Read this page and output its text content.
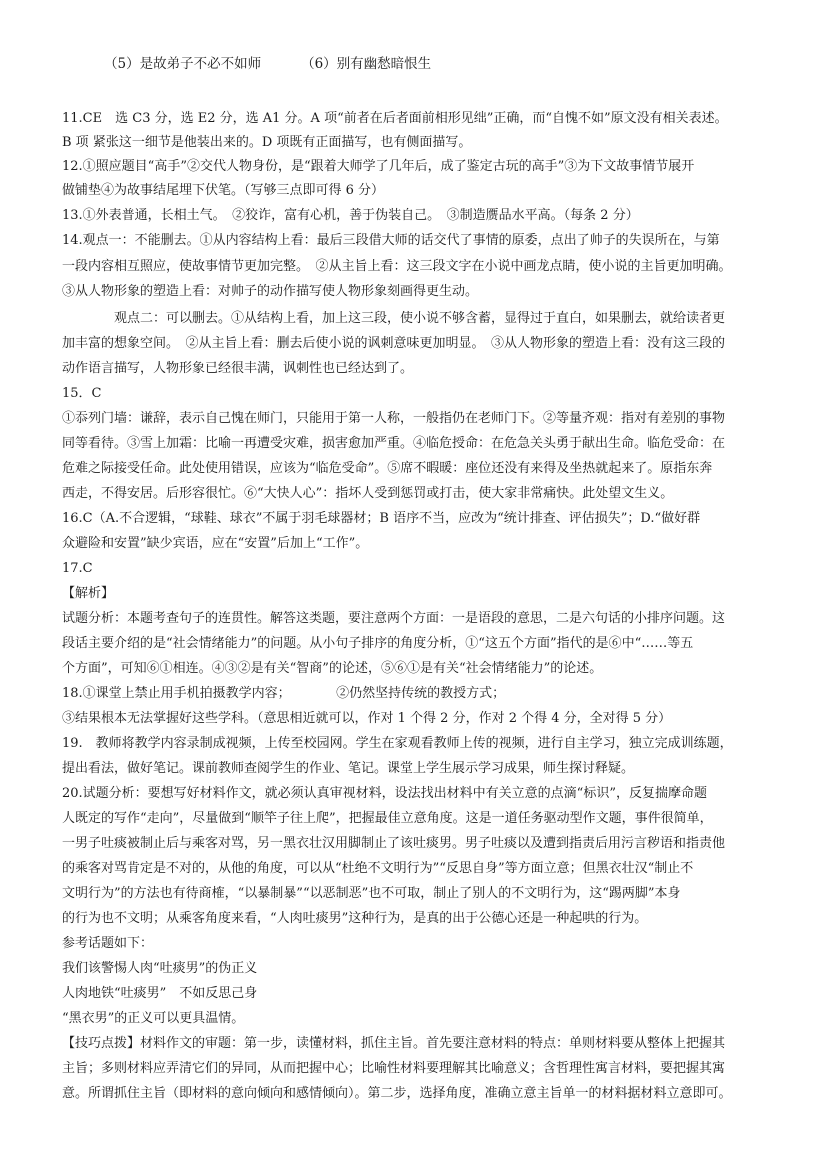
（5）是故弟子不必不如师	（6）别有幽愁暗恨生
11.CE　选 C3 分，选 E2 分，选 A1 分。A 项“前者在后者面前相形见绌”正确，而“自愧不如”原文没有相关表述。
B 项 紧张这一细节是他装出来的。D 项既有正面描写，也有侧面描写。
12.①照应题目“高手”②交代人物身份，是“跟着大师学了几年后，成了鉴定古玩的高手”③为下文故事情节展开
做铺垫④为故事结尾埋下伏笔。（写够三点即可得 6 分）
13.①外表普通，长相土气。　②狡诈，富有心机，善于伪装自己。　③制造赝品水平高。（每条 2 分）
14.观点一：不能删去。①从内容结构上看：最后三段借大师的话交代了事情的原委，点出了帅子的失误所在，与第
一段内容相互照应，使故事情节更加完整。　②从主旨上看：这三段文字在小说中画龙点睛，使小说的主旨更加明确。
③从人物形象的塑造上看：对帅子的动作描写使人物形象刻画得更生动。
观点二：可以删去。①从结构上看，加上这三段，使小说不够含蓄，显得过于直白，如果删去，就给读者更
加丰富的想象空间。　②从主旨上看：删去后使小说的讽刺意味更加明显。　③从人物形象的塑造上看：没有这三段的
动作语言描写，人物形象已经很丰满，讽刺性也已经达到了。
15．C
①忝列门墙：谦辞，表示自己愧在师门，只能用于第一人称，一般指仍在老师门下。②等量齐观：指对有差别的事物
同等看待。③雪上加霜：比喻一再遭受灾难，损害愈加严重。④临危授命：在危急关头勇于献出生命。临危受命：在
危难之际接受任命。此处使用错误，应该为“临危受命”。⑤席不暇暖：座位还没有来得及坐热就起来了。原指东奔
西走，不得安居。后形容很忙。⑥“大快人心”：指坏人受到惩罚或打击，使大家非常痛快。此处望文生义。
16.C（A.不合逻辑，“球鞋、球衣”不属于羽毛球器材；B 语序不当，应改为“统计排查、评估损失”；D.“做好群
众避险和安置”缺少宾语，应在“安置”后加上“工作”。
17.C
【解析】
试题分析：本题考查句子的连贯性。解答这类题，要注意两个方面：一是语段的意思，二是六句话的小排序问题。这
段话主要介绍的是“社会情绪能力”的问题。从小句子排序的角度分析，①“这五个方面”指代的是⑥中“……等五
个方面”，可知⑥①相连。④③②是有关“智商”的论述，⑤⑥①是有关“社会情绪能力”的论述。
18.①课堂上禁止用手机拍摄教学内容；　　　　②仍然坚持传统的教授方式；
③结果根本无法掌握好这些学科。（意思相近就可以，作对 1 个得 2 分，作对 2 个得 4 分，全对得 5 分）
19.　教师将教学内容录制成视频，上传至校园网。学生在家观看教师上传的视频，进行自主学习，独立完成训练题，
提出看法，做好笔记。课前教师查阅学生的作业、笔记。课堂上学生展示学习成果，师生探讨释疑。
20.试题分析：要想写好材料作文，就必须认真审视材料，设法找出材料中有关立意的点滴“标识”，反复揣摩命题
人既定的写作“走向”，尽量做到“顺竿子往上爬”，把握最佳立意角度。这是一道任务驱动型作文题，事件很简单，
一男子吐痰被制止后与乘客对骂，另一黑衣壮汉用脚制止了该吐痰男。男子吐痰以及遭到指责后用污言秽语和指责他
的乘客对骂肯定是不对的，从他的角度，可以从“杜绝不文明行为”“反思自身”等方面立意；但黑衣壮汉“制止不
文明行为”的方法也有待商榷，“以暴制暴”“以恶制恶”也不可取，制止了别人的不文明行为，这“踢两脚”本身
的行为也不文明；从乘客角度来看，“人肉吐痰男”这种行为，是真的出于公德心还是一种起哄的行为。
参考话题如下：
我们该警惕人肉“吐痰男”的伪正义
人肉地铁“吐痰男”　不如反思己身
“黑衣男”的正义可以更具温情。
【技巧点拨】材料作文的审题：第一步，读懂材料，抓住主旨。首先要注意材料的特点：单则材料要从整体上把握其
主旨；多则材料应弄清它们的异同，从而把握中心；比喻性材料要理解其比喻意义；含哲理性寓言材料，要把握其寓
意。所谓抓住主旨（即材料的意向倾向和感情倾向）。第二步，选择角度，准确立意主旨单一的材料据材料立意即可。
